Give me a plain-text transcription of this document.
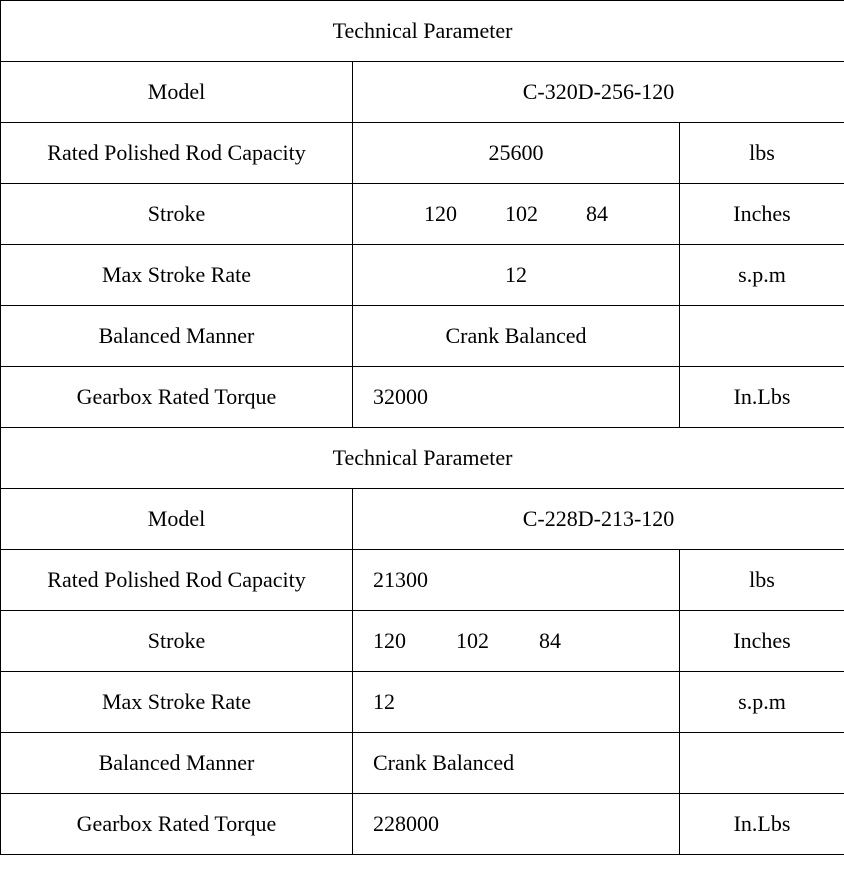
Technical Parameter		
Model	C-320D-256-120	
Rated Polished Rod Capacity	25600	lbs
Stroke	120 102 84	Inches
Max Stroke Rate	12	s.p.m
Balanced Manner	Crank Balanced	
Gearbox Rated Torque	32000	In.Lbs
Technical Parameter		
Model	C-228D-213-120	
Rated Polished Rod Capacity	21300	lbs
Stroke	120 102 84	Inches
Max Stroke Rate	12	s.p.m
Balanced Manner	Crank Balanced	
Gearbox Rated Torque	228000	In.Lbs
